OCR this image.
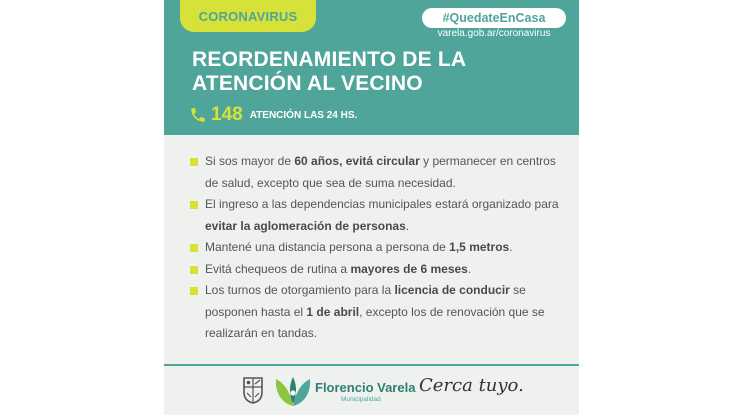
CORONAVIRUS	#QuedateEnCasa
varela.gob.ar/coronavirus
REORDENAMIENTO DE LA
ATENCIÓN AL VECINO
148 ATENCIÓN LAS 24 HS.
Si sos mayor de 60 años, evitá circular y permanecer en centros de salud, excepto que sea de suma necesidad.
El ingreso a las dependencias municipales estará organizado para evitar la aglomeración de personas.
Mantené una distancia persona a persona de 1,5 metros.
Evitá chequeos de rutina a mayores de 6 meses.
Los turnos de otorgamiento para la licencia de conducir se posponen hasta el 1 de abril, excepto los de renovación que se realizarán en tandas.
Florencio Varela
Municipalidad
Cerca tuyo.
